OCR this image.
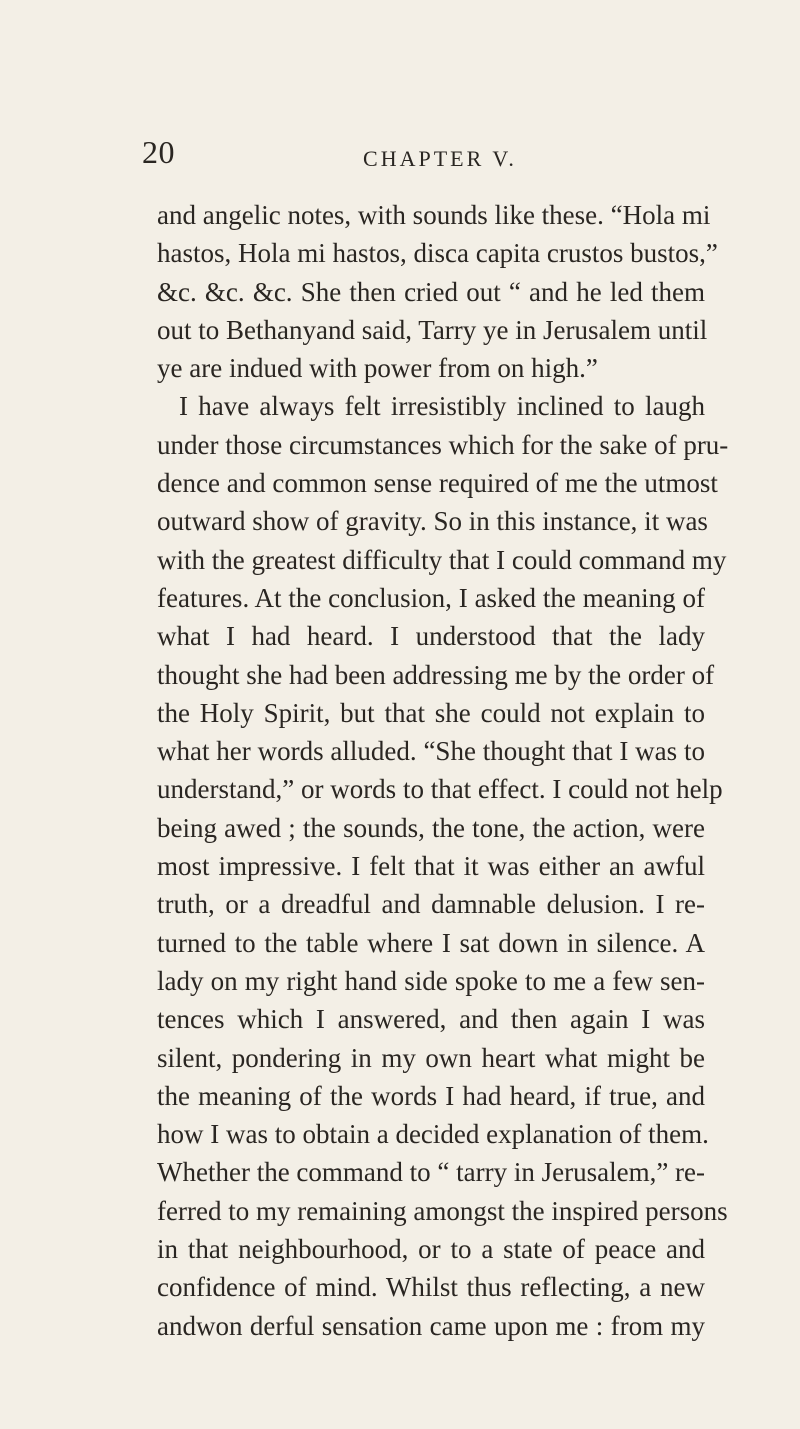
20	CHAPTER V.
and angelic notes, with sounds like these. “Hola mi
hastos, Hola mi hastos, disca capita crustos bustos,”
&c. &c. &c. She then cried out “ and he led them
out to Bethanyand said, Tarry ye in Jerusalem until
ye are indued with power from on high.”
I have always felt irresistibly inclined to laugh
under those circumstances which for the sake of pru-
dence and common sense required of me the utmost
outward show of gravity. So in this instance, it was
with the greatest difficulty that I could command my
features. At the conclusion, I asked the meaning of
what I had heard. I understood that the lady
thought she had been addressing me by the order of
the Holy Spirit, but that she could not explain to
what her words alluded. “She thought that I was to
understand,” or words to that effect. I could not help
being awed ; the sounds, the tone, the action, were
most impressive. I felt that it was either an awful
truth, or a dreadful and damnable delusion. I re-
turned to the table where I sat down in silence. A
lady on my right hand side spoke to me a few sen-
tences which I answered, and then again I was
silent, pondering in my own heart what might be
the meaning of the words I had heard, if true, and
how I was to obtain a decided explanation of them.
Whether the command to “ tarry in Jerusalem,” re-
ferred to my remaining amongst the inspired persons
in that neighbourhood, or to a state of peace and
confidence of mind. Whilst thus reflecting, a new
andwon derful sensation came upon me : from my
